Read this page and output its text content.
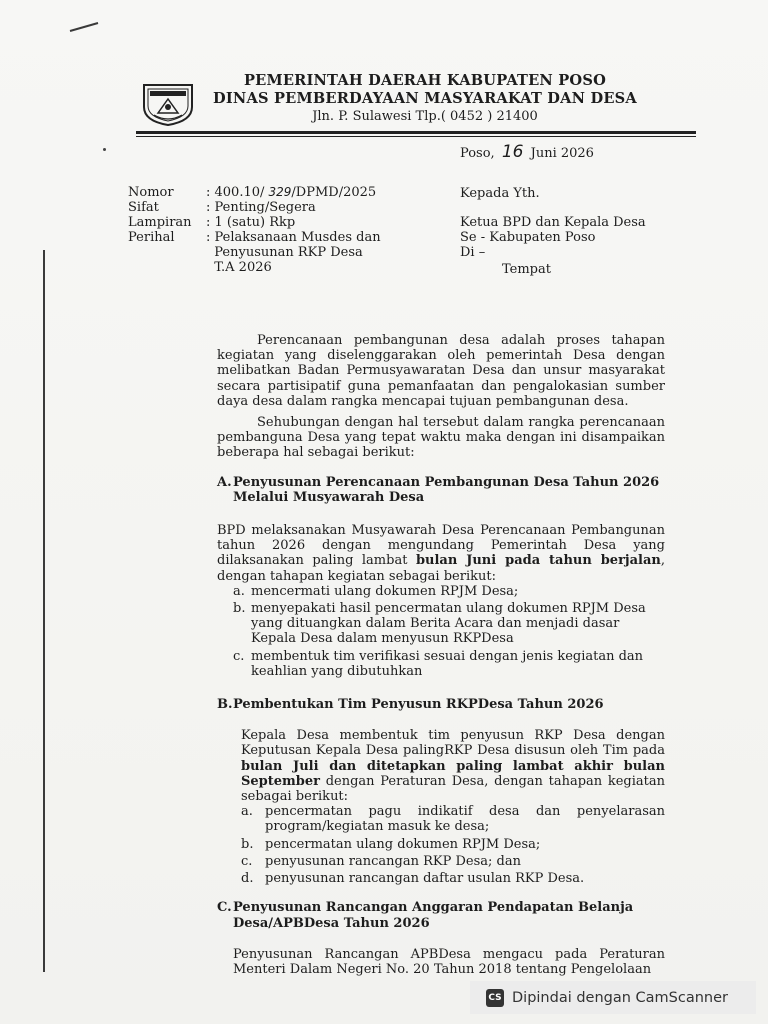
PEMERINTAH DAERAH KABUPATEN POSO
DINAS PEMBERDAYAAN MASYARAKAT DAN DESA
Jln. P. Sulawesi Tlp.( 0452 ) 21400
Poso, 16 Juni 2026
Nomor	: 400.10/ 329/DPMD/2025
Sifat	: Penting/Segera
Lampiran	: 1 (satu) Rkp
Perihal	: Pelaksanaan Musdes dan
Penyusunan RKP Desa
T.A 2026
Kepada Yth.
Ketua BPD dan Kepala Desa
Se - Kabupaten Poso
Di –
Tempat

Perencanaan pembangunan desa adalah proses tahapan kegiatan yang diselenggarakan oleh pemerintah Desa dengan melibatkan Badan Permusyawaratan Desa dan unsur masyarakat secara partisipatif guna pemanfaatan dan pengalokasian sumber daya desa dalam rangka mencapai tujuan pembangunan desa.

Sehubungan dengan hal tersebut dalam rangka perencanaan pembanguna Desa yang tepat waktu maka dengan ini disampaikan beberapa hal sebagai berikut:

A.Penyusunan Perencanaan Pembangunan Desa Tahun 2026
Melalui Musyawarah Desa
BPD melaksanakan Musyawarah Desa Perencanaan Pembangunan tahun 2026 dengan mengundang Pemerintah Desa yang dilaksanakan paling lambat bulan Juni pada tahun berjalan, dengan tahapan kegiatan sebagai berikut:
a. mencermati ulang dokumen RPJM Desa;
b. menyepakati hasil pencermatan ulang dokumen RPJM Desa yang dituangkan dalam Berita Acara dan menjadi dasar Kepala Desa dalam menyusun RKPDesa
c. membentuk tim verifikasi sesuai dengan jenis kegiatan dan keahlian yang dibutuhkan
B.Pembentukan Tim Penyusun RKPDesa Tahun 2026
Kepala Desa membentuk tim penyusun RKP Desa dengan Keputusan Kepala Desa palingRKP Desa disusun oleh Tim pada bulan Juli dan ditetapkan paling lambat akhir bulan September dengan Peraturan Desa, dengan tahapan kegiatan sebagai berikut:
a. pencermatan pagu indikatif desa dan penyelarasan program/kegiatan masuk ke desa;
b. pencermatan ulang dokumen RPJM Desa;
c. penyusunan rancangan RKP Desa; dan
d. penyusunan rancangan daftar usulan RKP Desa.
C.Penyusunan Rancangan Anggaran Pendapatan Belanja
Desa/APBDesa Tahun 2026
Penyusunan Rancangan APBDesa mengacu pada Peraturan Menteri Dalam Negeri No. 20 Tahun 2018 tentang Pengelolaan
CS Dipindai dengan CamScanner
